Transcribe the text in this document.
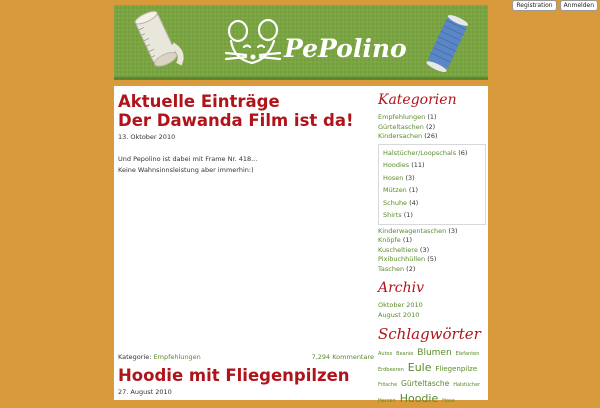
Registration	Anmelden
PePolino
Aktuelle Einträge
Der Dawanda Film ist da!
13. Oktober 2010
Und Pepolino ist dabei mit Frame Nr. 418...
Keine Wahnsinnsleistung aber immerhin:)
Kategorie: Empfehlungen	7,294 Kommentare
Hoodie mit Fliegenpilzen
27. August 2010
Kategorien
Empfehlungen (1)
Gürteltaschen (2)
Kindersachen (26)
Halstücher/Loopschals (6)
Hoodies (11)
Hosen (3)
Mützen (1)
Schuhe (4)
Shirts (1)
Kinderwagentaschen (3)
Knöpfe (1)
Kuscheltiere (3)
Pixibuchhüllen (5)
Taschen (2)
Archiv
Oktober 2010
August 2010
Schlagwörter
Autos Beanie Blumen Elefanten Erdbeeren Eule Fliegenpilze Frösche Gürteltasche Halstücher Herzen Hoodie Hose
